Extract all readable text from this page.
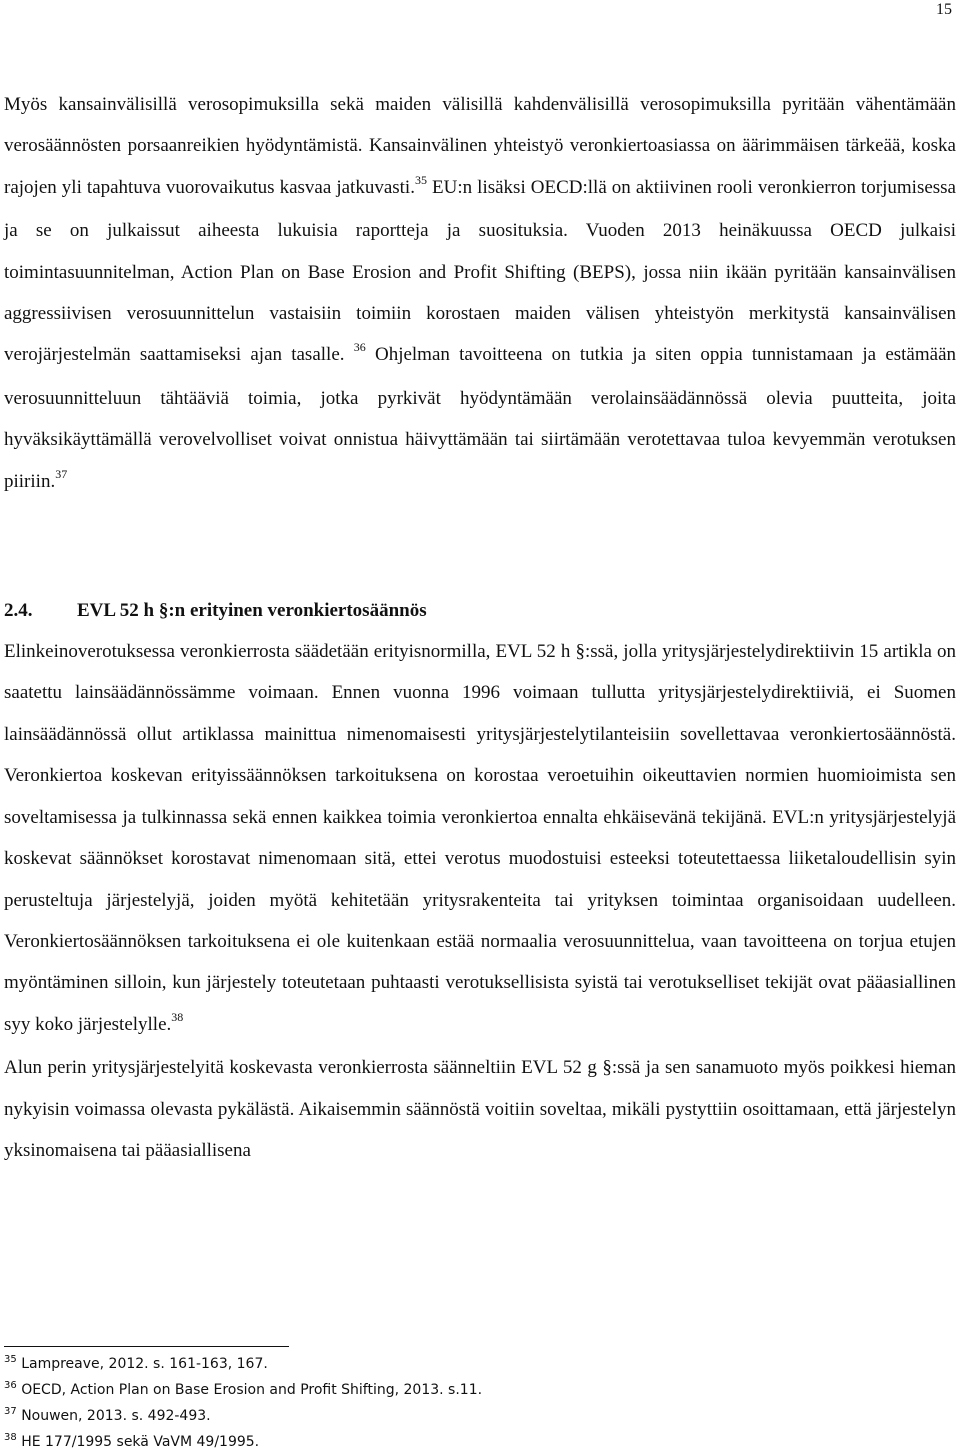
15

Myös kansainvälisillä verosopimuksilla sekä maiden välisillä kahdenvälisillä verosopimuksilla pyritään vähentämään verosäännösten porsaanreikien hyödyntämistä. Kansainvälinen yhteistyö veronkiertoasiassa on äärimmäisen tärkeää, koska rajojen yli tapahtuva vuorovaikutus kasvaa jatkuvasti.$^{35}$ EU:n lisäksi OECD:llä on aktiivinen rooli veronkierron torjumisessa ja se on julkaissut aiheesta lukuisia raportteja ja suosituksia. Vuoden 2013 heinäkuussa OECD julkaisi toimintasuunnitelman, Action Plan on Base Erosion and Profit Shifting (BEPS), jossa niin ikään pyritään kansainvälisen aggressiivisen verosuunnittelun vastaisiin toimiin korostaen maiden välisen yhteistyön merkitystä kansainvälisen verojärjestelmän saattamiseksi ajan tasalle. $^{36}$ Ohjelman tavoitteena on tutkia ja siten oppia tunnistamaan ja estämään verosuunnitteluun tähtääviä toimia, jotka pyrkivät hyödyntämään verolainsäädännössä olevia puutteita, joita hyväksikäyttämällä verovelvolliset voivat onnistua häivyttämään tai siirtämään verotettavaa tuloa kevyemmän verotuksen piiriin.$^{37}$

2.4.	EVL 52 h §:n erityinen veronkiertosäännös

Elinkeinoverotuksessa veronkierrosta säädetään erityisnormilla, EVL 52 h §:ssä, jolla yritysjärjestelydirektiivin 15 artikla on saatettu lainsäädännössämme voimaan. Ennen vuonna 1996 voimaan tullutta yritysjärjestelydirektiiviä, ei Suomen lainsäädännössä ollut artiklassa mainittua nimenomaisesti yritysjärjestelytilanteisiin sovellettavaa veronkiertosäännöstä. Veronkiertoa koskevan erityissäännöksen tarkoituksena on korostaa veroetuihin oikeuttavien normien huomioimista sen soveltamisessa ja tulkinnassa sekä ennen kaikkea toimia veronkiertoa ennalta ehkäisevänä tekijänä. EVL:n yritysjärjestelyjä koskevat säännökset korostavat nimenomaan sitä, ettei verotus muodostuisi esteeksi toteutettaessa liiketaloudellisin syin perusteltuja järjestelyjä, joiden myötä kehitetään yritysrakenteita tai yrityksen toimintaa organisoidaan uudelleen. Veronkiertosäännöksen tarkoituksena ei ole kuitenkaan estää normaalia verosuunnittelua, vaan tavoitteena on torjua etujen myöntäminen silloin, kun järjestely toteutetaan puhtaasti verotuksellisista syistä tai verotukselliset tekijät ovat pääasiallinen syy koko järjestelylle.$^{38}$

Alun perin yritysjärjestelyitä koskevasta veronkierrosta säänneltiin EVL 52 g §:ssä ja sen sanamuoto myös poikkesi hieman nykyisin voimassa olevasta pykälästä. Aikaisemmin säännöstä voitiin soveltaa, mikäli pystyttiin osoittamaan, että järjestelyn yksinomaisena tai pääasiallisena

$^{35}$ Lampreave, 2012. s. 161-163, 167.
$^{36}$ OECD, Action Plan on Base Erosion and Profit Shifting, 2013. s.11.
$^{37}$ Nouwen, 2013. s. 492-493.
$^{38}$ HE 177/1995 sekä VaVM 49/1995.
